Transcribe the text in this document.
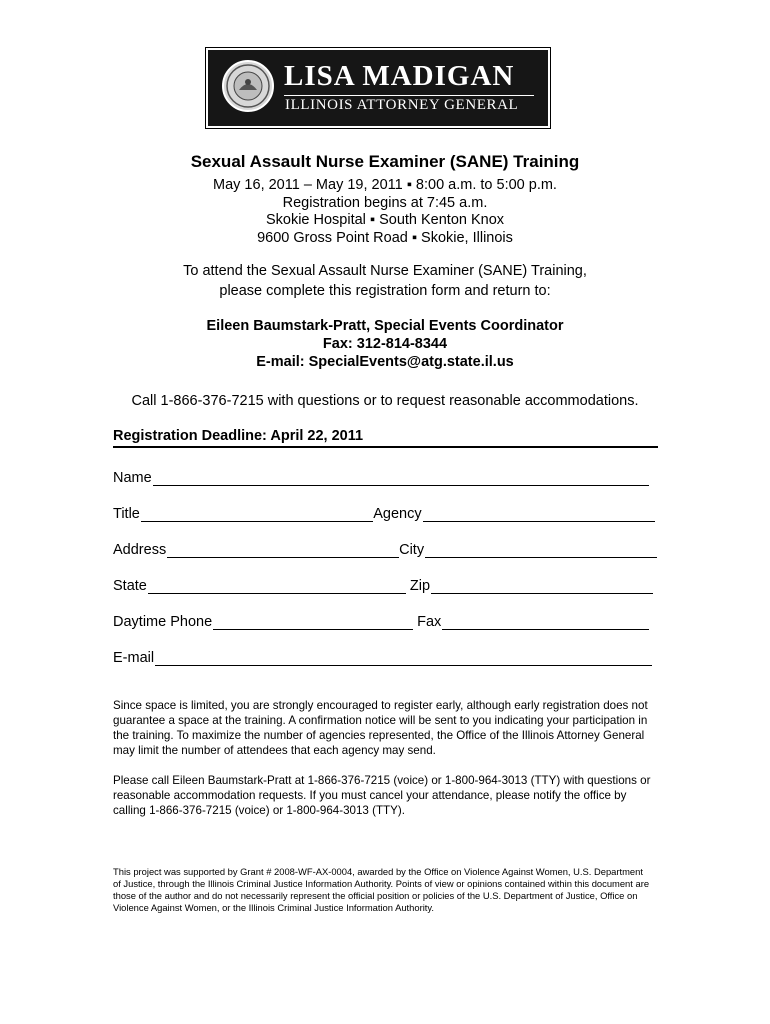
LISA MADIGAN
ILLINOIS ATTORNEY GENERAL
Sexual Assault Nurse Examiner (SANE) Training
May 16, 2011 – May 19, 2011 ▪ 8:00 a.m. to 5:00 p.m.
Registration begins at 7:45 a.m.
Skokie Hospital ▪ South Kenton Knox
9600 Gross Point Road ▪ Skokie, Illinois
To attend the Sexual Assault Nurse Examiner (SANE) Training,
please complete this registration form and return to:
Eileen Baumstark-Pratt, Special Events Coordinator
Fax: 312-814-8344
E-mail: SpecialEvents@atg.state.il.us
Call 1-866-376-7215 with questions or to request reasonable accommodations.
Registration Deadline: April 22, 2011
Name
Title	Agency
Address	City
State	Zip
Daytime Phone	Fax
E-mail
Since space is limited, you are strongly encouraged to register early, although early registration does not guarantee a space at the training. A confirmation notice will be sent to you indicating your participation in the training. To maximize the number of agencies represented, the Office of the Illinois Attorney General may limit the number of attendees that each agency may send.
Please call Eileen Baumstark-Pratt at 1-866-376-7215 (voice) or 1-800-964-3013 (TTY) with questions or reasonable accommodation requests. If you must cancel your attendance, please notify the office by calling 1-866-376-7215 (voice) or 1-800-964-3013 (TTY).
This project was supported by Grant # 2008-WF-AX-0004, awarded by the Office on Violence Against Women, U.S. Department of Justice, through the Illinois Criminal Justice Information Authority. Points of view or opinions contained within this document are those of the author and do not necessarily represent the official position or policies of the U.S. Department of Justice, Office on Violence Against Women, or the Illinois Criminal Justice Information Authority.
